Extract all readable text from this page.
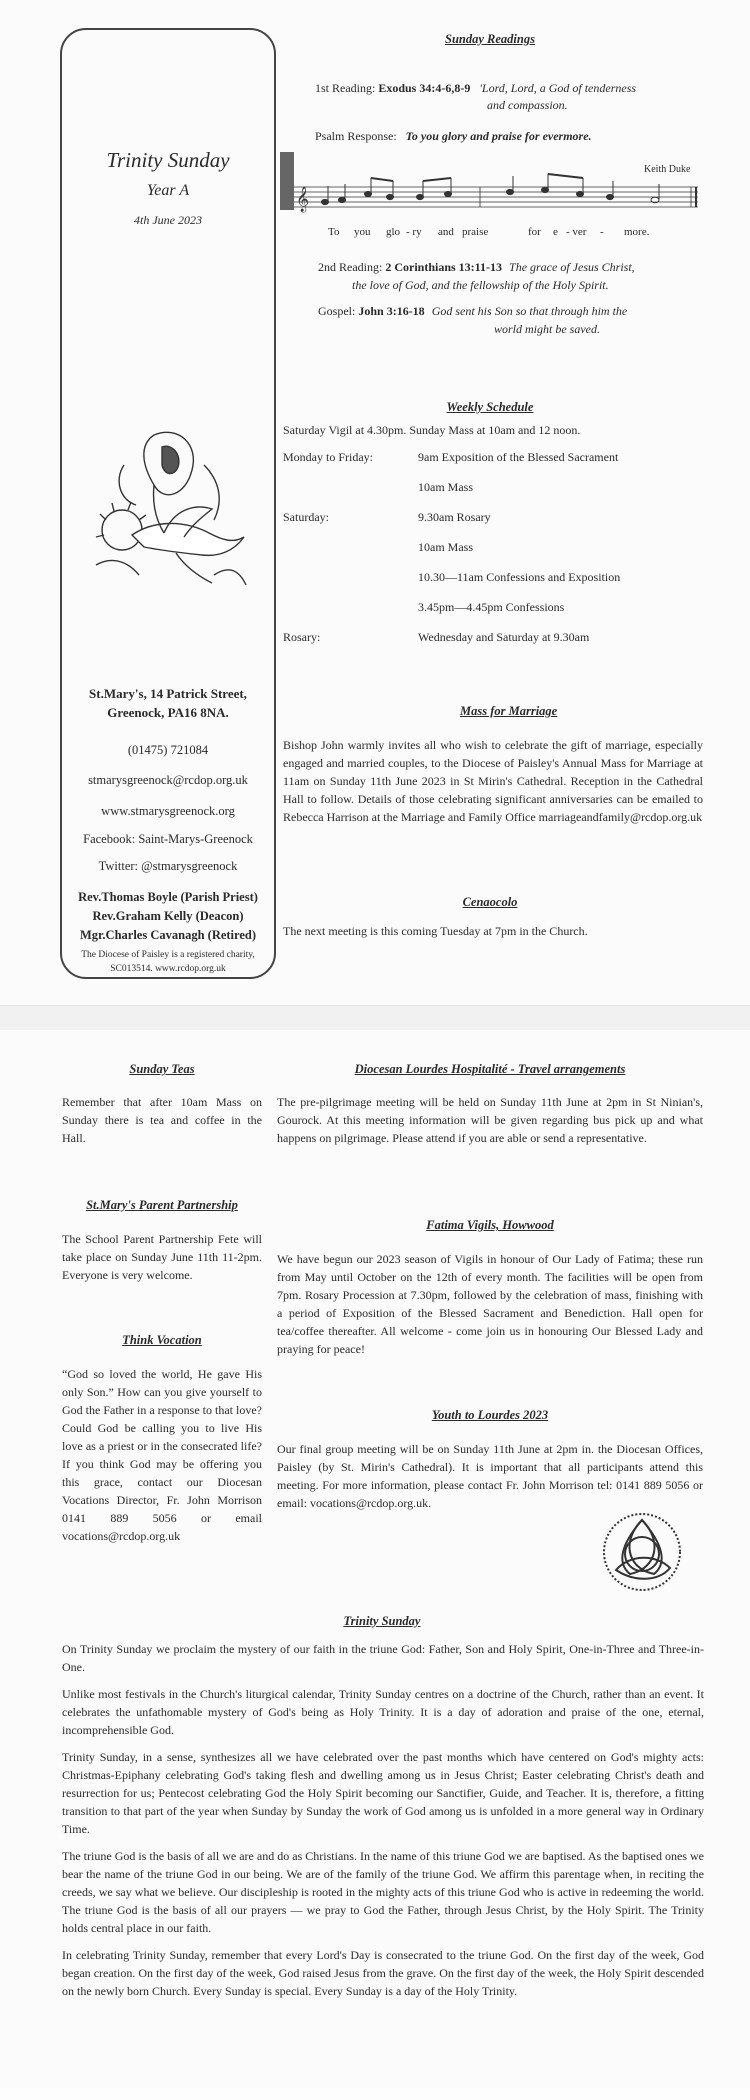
Trinity Sunday
Year A
4th June 2023
St.Mary's, 14 Patrick Street,
Greenock, PA16 8NA.
(01475) 721084
stmarysgreenock@rcdop.org.uk
www.stmarysgreenock.org
Facebook: Saint-Marys-Greenock
Twitter: @stmarysgreenock
Rev.Thomas Boyle (Parish Priest)
Rev.Graham Kelly (Deacon)
Mgr.Charles Cavanagh (Retired)
The Diocese of Paisley is a registered charity,
SC013514. www.rcdop.org.uk

Sunday Readings

1st Reading: Exodus 34:4-6,8-9 'Lord, Lord, a God of tenderness
and compassion.
Psalm Response: To you glory and praise for evermore.
Keith Duke
𝄞
To you glo - ry and praise	for e - ver - more.
2nd Reading: 2 Corinthians 13:11-13 The grace of Jesus Christ,
the love of God, and the fellowship of the Holy Spirit.
Gospel: John 3:16-18 God sent his Son so that through him the
world might be saved.

Weekly Schedule

Saturday Vigil at 4.30pm. Sunday Mass at 10am and 12 noon.
Monday to Friday:	9am Exposition of the Blessed Sacrament
	10am Mass
Saturday:	9.30am Rosary
	10am Mass
	10.30—11am Confessions and Exposition
	3.45pm—4.45pm Confessions
Rosary:	Wednesday and Saturday at 9.30am

Mass for Marriage

Bishop John warmly invites all who wish to celebrate the gift of marriage, especially engaged and married couples, to the Diocese of Paisley's Annual Mass for Marriage at 11am on Sunday 11th June 2023 in St Mirin's Cathedral. Reception in the Cathedral Hall to follow. Details of those celebrating significant anniversaries can be emailed to Rebecca Harrison at the Marriage and Family Office marriageandfamily@rcdop.org.uk

Cenaocolo

The next meeting is this coming Tuesday at 7pm in the Church.

Sunday Teas

Remember that after 10am Mass on Sunday there is tea and coffee in the Hall.

Diocesan Lourdes Hospitalité - Travel arrangements

The pre-pilgrimage meeting will be held on Sunday 11th June at 2pm in St Ninian's, Gourock. At this meeting information will be given regarding bus pick up and what happens on pilgrimage. Please attend if you are able or send a representative.

St.Mary's Parent Partnership

The School Parent Partnership Fete will take place on Sunday June 11th 11-2pm. Everyone is very welcome.

Fatima Vigils, Howwood

We have begun our 2023 season of Vigils in honour of Our Lady of Fatima; these run from May until October on the 12th of every month. The facilities will be open from 7pm. Rosary Procession at 7.30pm, followed by the celebration of mass, finishing with a period of Exposition of the Blessed Sacrament and Benediction. Hall open for tea/coffee thereafter. All welcome - come join us in honouring Our Blessed Lady and praying for peace!

Think Vocation

“God so loved the world, He gave His only Son.” How can you give yourself to God the Father in a response to that love? Could God be calling you to live His love as a priest or in the consecrated life? If you think God may be offering you this grace, contact our Diocesan Vocations Director, Fr. John Morrison 0141 889 5056 or email vocations@rcdop.org.uk

Youth to Lourdes 2023

Our final group meeting will be on Sunday 11th June at 2pm in. the Diocesan Offices, Paisley (by St. Mirin's Cathedral). It is important that all participants attend this meeting. For more information, please contact Fr. John Morrison tel: 0141 889 5056 or email: vocations@rcdop.org.uk.

Trinity Sunday

On Trinity Sunday we proclaim the mystery of our faith in the triune God: Father, Son and Holy Spirit, One-in-Three and Three-in-One.

Unlike most festivals in the Church's liturgical calendar, Trinity Sunday centres on a doctrine of the Church, rather than an event. It celebrates the unfathomable mystery of God's being as Holy Trinity. It is a day of adoration and praise of the one, eternal, incomprehensible God.

Trinity Sunday, in a sense, synthesizes all we have celebrated over the past months which have centered on God's mighty acts: Christmas-Epiphany celebrating God's taking flesh and dwelling among us in Jesus Christ; Easter celebrating Christ's death and resurrection for us; Pentecost celebrating God the Holy Spirit becoming our Sanctifier, Guide, and Teacher. It is, therefore, a fitting transition to that part of the year when Sunday by Sunday the work of God among us is unfolded in a more general way in Ordinary Time.

The triune God is the basis of all we are and do as Christians. In the name of this triune God we are baptised. As the baptised ones we bear the name of the triune God in our being. We are of the family of the triune God. We affirm this parentage when, in reciting the creeds, we say what we believe. Our discipleship is rooted in the mighty acts of this triune God who is active in redeeming the world. The triune God is the basis of all our prayers — we pray to God the Father, through Jesus Christ, by the Holy Spirit. The Trinity holds central place in our faith.

In celebrating Trinity Sunday, remember that every Lord's Day is consecrated to the triune God. On the first day of the week, God began creation. On the first day of the week, God raised Jesus from the grave. On the first day of the week, the Holy Spirit descended on the newly born Church. Every Sunday is special. Every Sunday is a day of the Holy Trinity.
